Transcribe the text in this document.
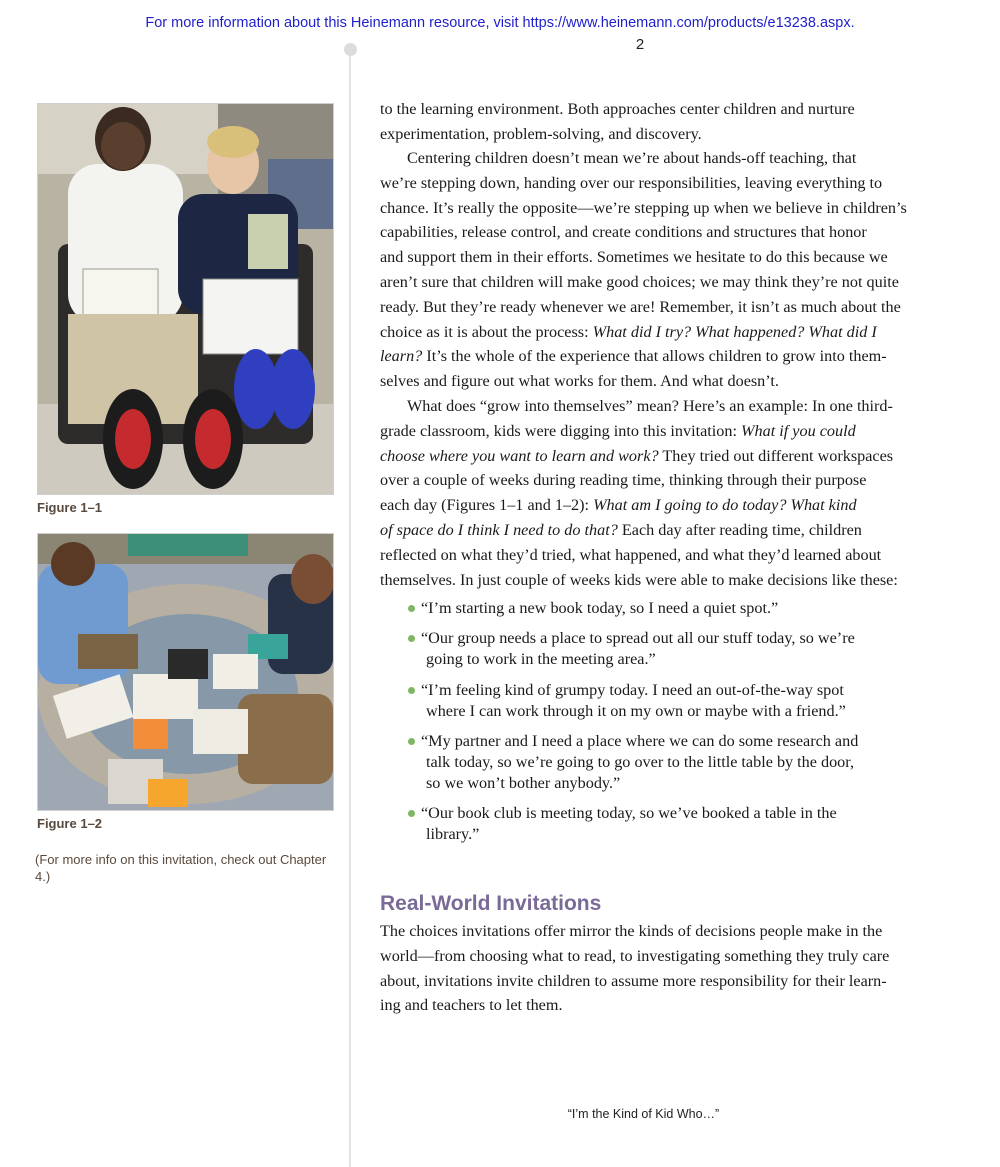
For more information about this Heinemann resource, visit https://www.heinemann.com/products/e13238.aspx.
2
Figure 1–1
Figure 1–2
(For more info on this invitation, check out Chapter 4.)
to the learning environment. Both approaches center children and nurture
experimentation, problem-solving, and discovery.
Centering children doesn’t mean we’re about hands-off teaching, that
we’re stepping down, handing over our responsibilities, leaving everything to
chance. It’s really the opposite—we’re stepping up when we believe in children’s
capabilities, release control, and create conditions and structures that honor
and support them in their efforts. Sometimes we hesitate to do this because we
aren’t sure that children will make good choices; we may think they’re not quite
ready. But they’re ready whenever we are! Remember, it isn’t as much about the
choice as it is about the process: What did I try? What happened? What did I
learn? It’s the whole of the experience that allows children to grow into them-
selves and figure out what works for them. And what doesn’t.
What does “grow into themselves” mean? Here’s an example: In one third-
grade classroom, kids were digging into this invitation: What if you could
choose where you want to learn and work? They tried out different workspaces
over a couple of weeks during reading time, thinking through their purpose
each day (Figures 1–1 and 1–2): What am I going to do today? What kind
of space do I think I need to do that? Each day after reading time, children
reflected on what they’d tried, what happened, and what they’d learned about
themselves. In just couple of weeks kids were able to make decisions like these:
“I’m starting a new book today, so I need a quiet spot.”
“Our group needs a place to spread out all our stuff today, so we’re
going to work in the meeting area.”
“I’m feeling kind of grumpy today. I need an out-of-the-way spot
where I can work through it on my own or maybe with a friend.”
“My partner and I need a place where we can do some research and
talk today, so we’re going to go over to the little table by the door,
so we won’t bother anybody.”
“Our book club is meeting today, so we’ve booked a table in the
library.”
Real-World Invitations
The choices invitations offer mirror the kinds of decisions people make in the
world—from choosing what to read, to investigating something they truly care
about, invitations invite children to assume more responsibility for their learn-
ing and teachers to let them.
“I’m the Kind of Kid Who…”
